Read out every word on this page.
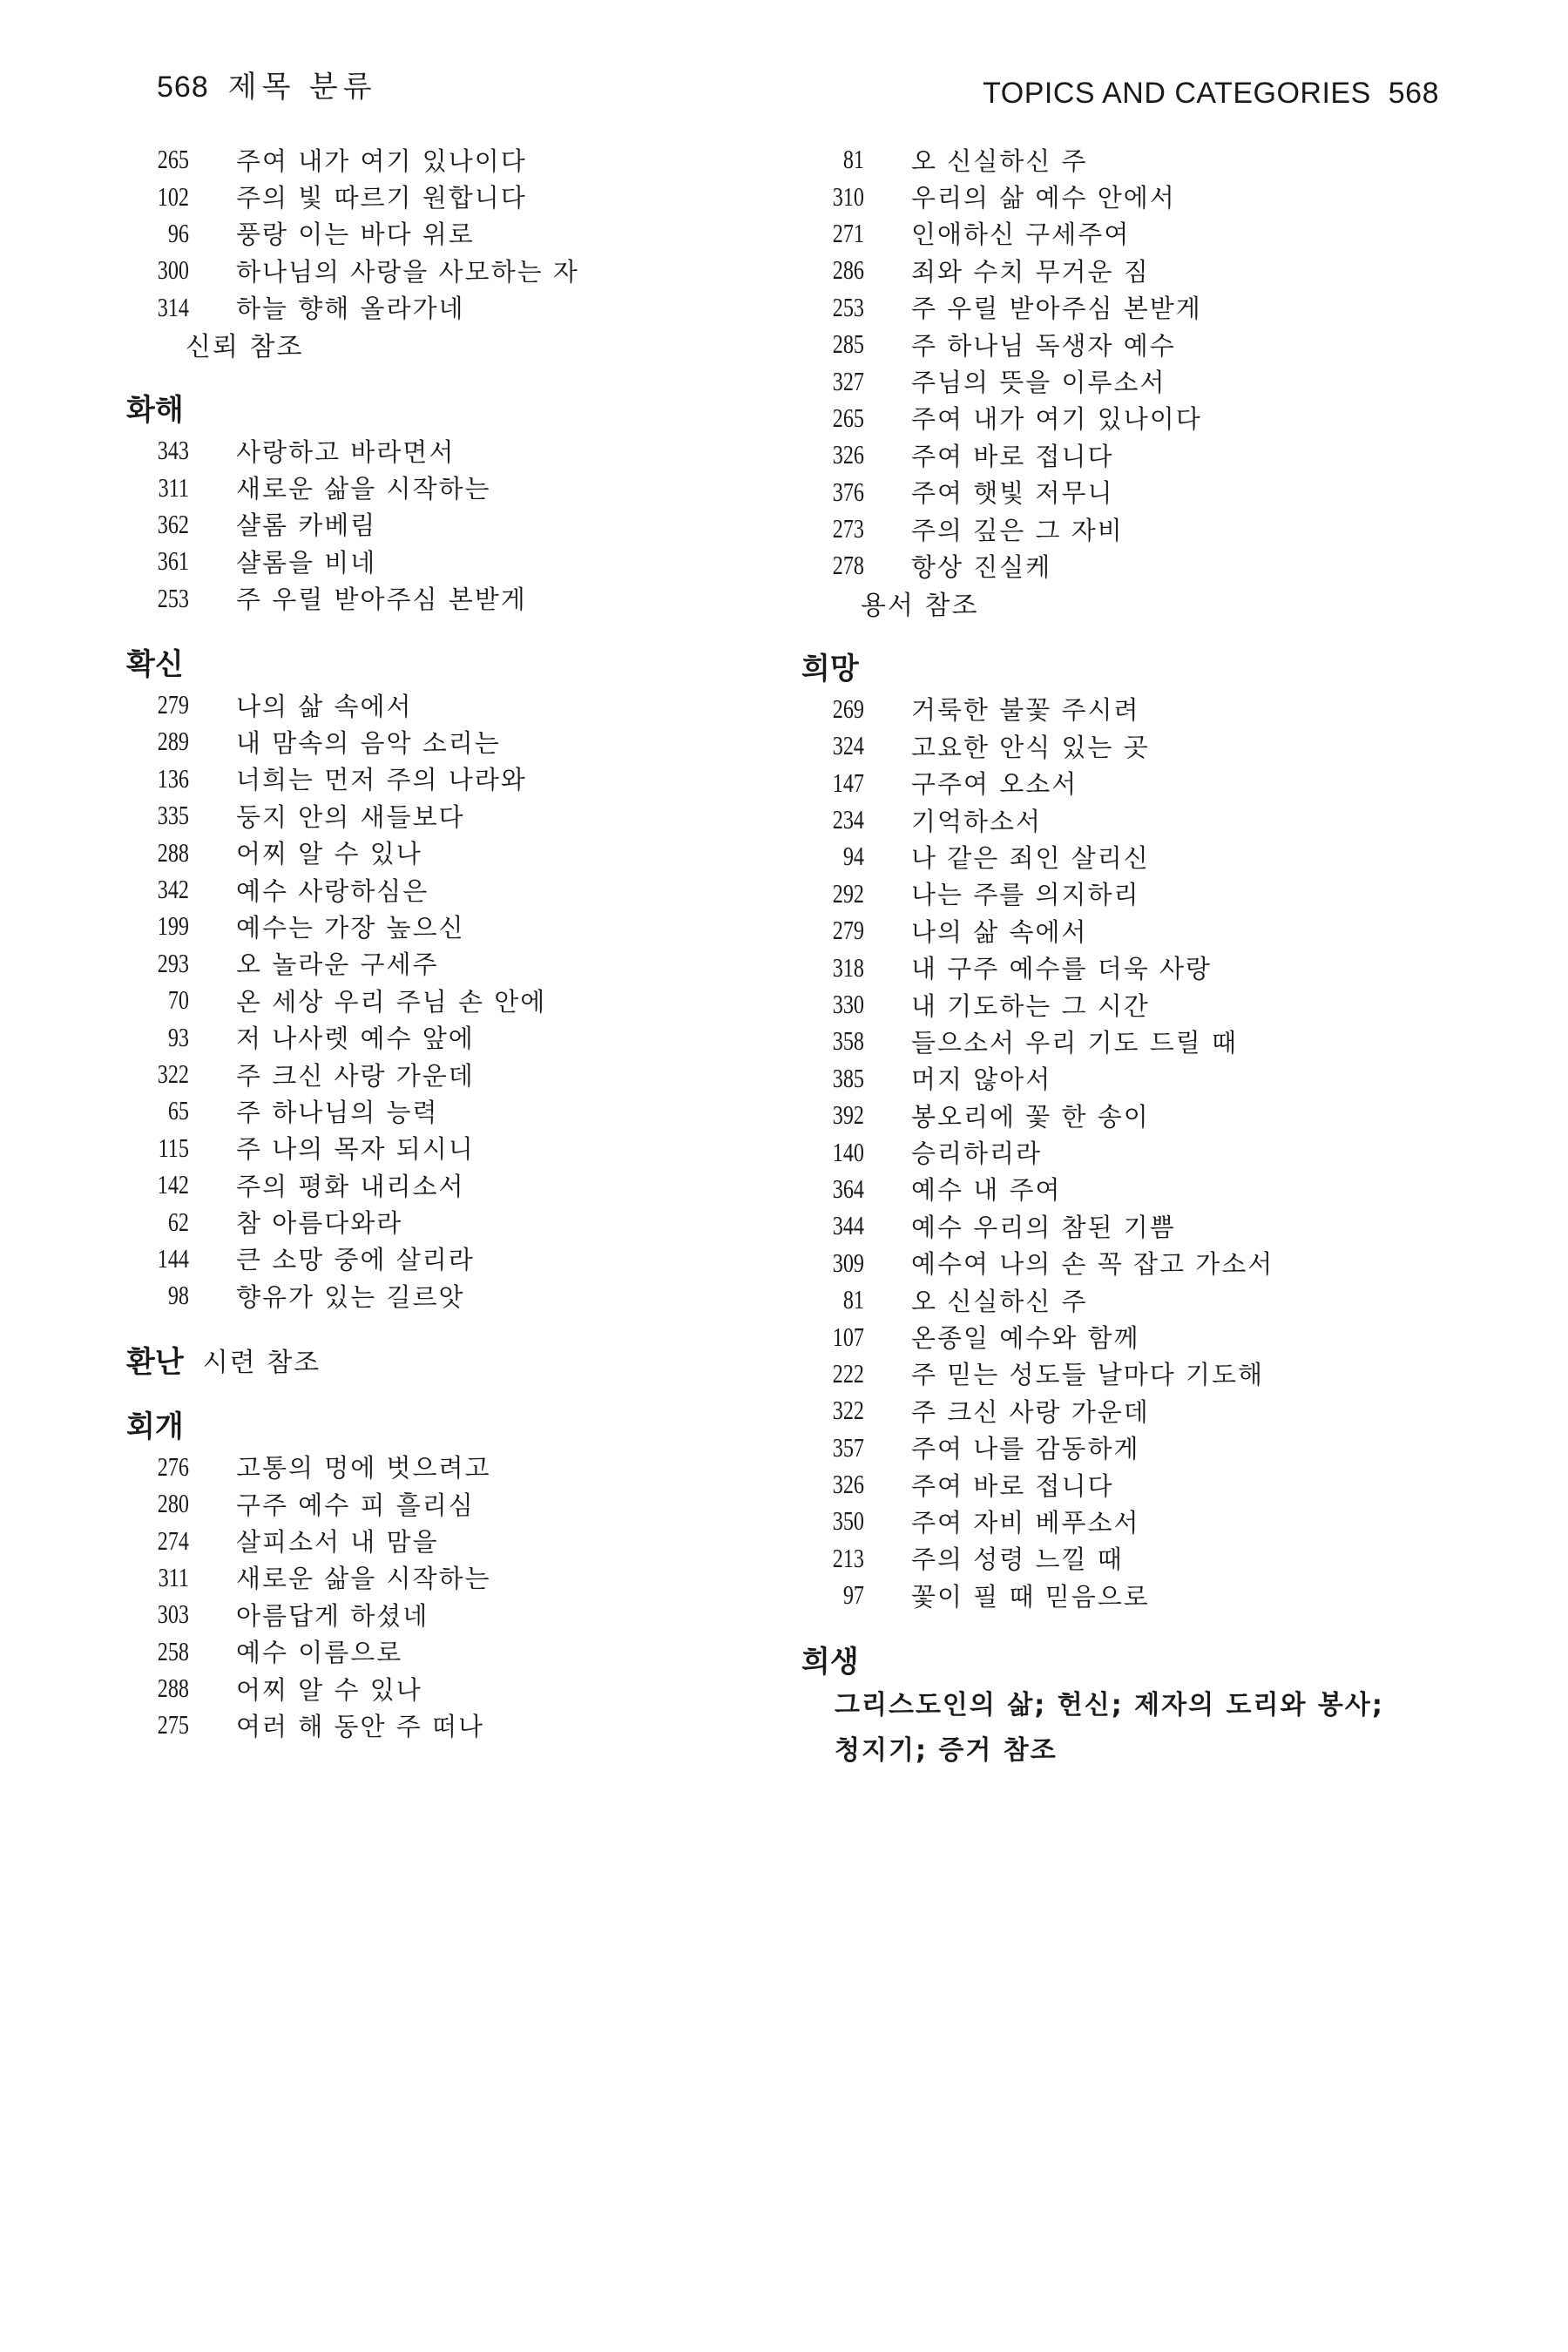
568 제목 분류	TOPICS AND CATEGORIES 568
265 주여 내가 여기 있나이다
102 주의 빛 따르기 원합니다
96 풍랑 이는 바다 위로
300 하나님의 사랑을 사모하는 자
314 하늘 향해 올라가네
신뢰 참조
화해
343 사랑하고 바라면서
311 새로운 삶을 시작하는
362 샬롬 카베림
361 샬롬을 비네
253 주 우릴 받아주심 본받게
확신
279 나의 삶 속에서
289 내 맘속의 음악 소리는
136 너희는 먼저 주의 나라와
335 둥지 안의 새들보다
288 어찌 알 수 있나
342 예수 사랑하심은
199 예수는 가장 높으신
293 오 놀라운 구세주
70 온 세상 우리 주님 손 안에
93 저 나사렛 예수 앞에
322 주 크신 사랑 가운데
65 주 하나님의 능력
115 주 나의 목자 되시니
142 주의 평화 내리소서
62 참 아름다와라
144 큰 소망 중에 살리라
98 향유가 있는 길르앗
환난 시련 참조
회개
276 고통의 멍에 벗으려고
280 구주 예수 피 흘리심
274 살피소서 내 맘을
311 새로운 삶을 시작하는
303 아름답게 하셨네
258 예수 이름으로
288 어찌 알 수 있나
275 여러 해 동안 주 떠나
81 오 신실하신 주
310 우리의 삶 예수 안에서
271 인애하신 구세주여
286 죄와 수치 무거운 짐
253 주 우릴 받아주심 본받게
285 주 하나님 독생자 예수
327 주님의 뜻을 이루소서
265 주여 내가 여기 있나이다
326 주여 바로 접니다
376 주여 햇빛 저무니
273 주의 깊은 그 자비
278 항상 진실케
용서 참조
희망
269 거룩한 불꽃 주시려
324 고요한 안식 있는 곳
147 구주여 오소서
234 기억하소서
94 나 같은 죄인 살리신
292 나는 주를 의지하리
279 나의 삶 속에서
318 내 구주 예수를 더욱 사랑
330 내 기도하는 그 시간
358 들으소서 우리 기도 드릴 때
385 머지 않아서
392 봉오리에 꽃 한 송이
140 승리하리라
364 예수 내 주여
344 예수 우리의 참된 기쁨
309 예수여 나의 손 꼭 잡고 가소서
81 오 신실하신 주
107 온종일 예수와 함께
222 주 믿는 성도들 날마다 기도해
322 주 크신 사랑 가운데
357 주여 나를 감동하게
326 주여 바로 접니다
350 주여 자비 베푸소서
213 주의 성령 느낄 때
97 꽃이 필 때 믿음으로
희생
그리스도인의 삶; 헌신; 제자의 도리와 봉사;
청지기; 증거 참조
